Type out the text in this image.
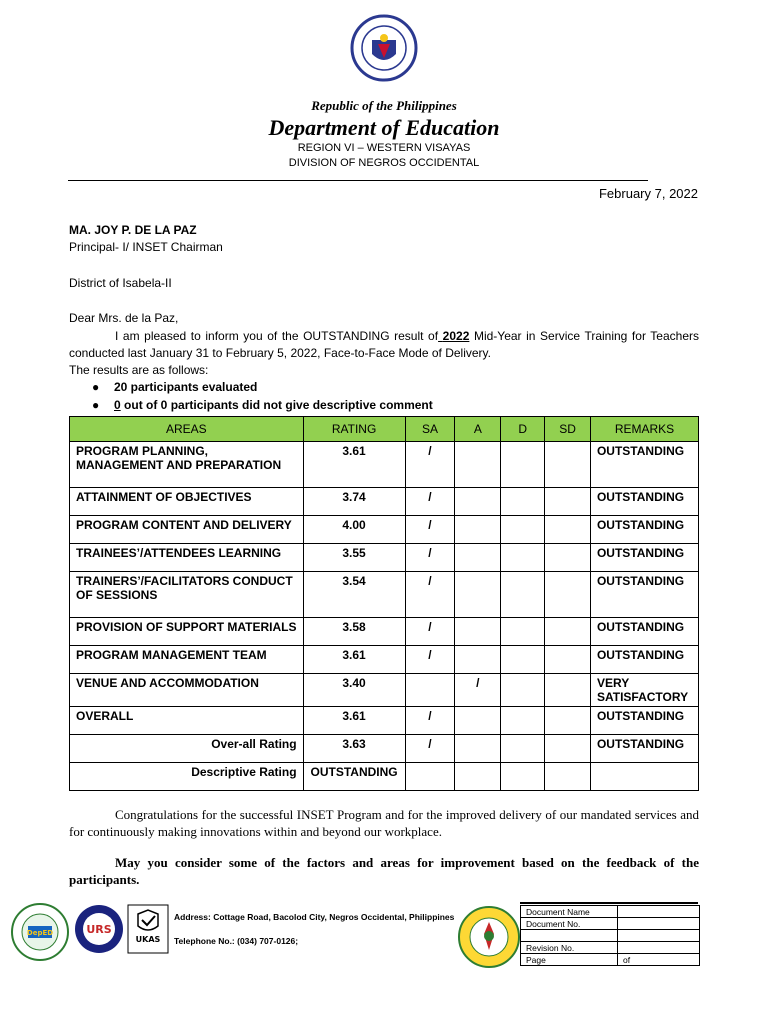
Republic of the Philippines
Department of Education
REGION VI – WESTERN VISAYAS
DIVISION OF NEGROS OCCIDENTAL
February 7, 2022
MA. JOY P. DE LA PAZ
Principal- I/ INSET Chairman
District of Isabela-II
Dear Mrs. de la Paz,
I am pleased to inform you of the OUTSTANDING result of 2022 Mid-Year in Service Training for Teachers conducted last January 31 to February 5, 2022, Face-to-Face Mode of Delivery.
The results are as follows:
● 20 participants evaluated
● 0 out of 0 participants did not give descriptive comment
AREAS	RATING	SA	A	D	SD	REMARKS
PROGRAM PLANNING, MANAGEMENT AND PREPARATION	3.61	/				OUTSTANDING
ATTAINMENT OF OBJECTIVES	3.74	/				OUTSTANDING
PROGRAM CONTENT AND DELIVERY	4.00	/				OUTSTANDING
TRAINEES’/ATTENDEES LEARNING	3.55	/				OUTSTANDING
TRAINERS’/FACILITATORS CONDUCT OF SESSIONS	3.54	/				OUTSTANDING
PROVISION OF SUPPORT MATERIALS	3.58	/				OUTSTANDING
PROGRAM MANAGEMENT TEAM	3.61	/				OUTSTANDING
VENUE AND ACCOMMODATION	3.40		/			VERY SATISFACTORY
OVERALL	3.61	/				OUTSTANDING
Over-all Rating	3.63	/				OUTSTANDING
Descriptive Rating	OUTSTANDING					
Congratulations for the successful INSET Program and for the improved delivery of our mandated services and for continuously making innovations within and beyond our workplace.
May you consider some of the factors and areas for improvement based on the feedback of the participants.
DepED	URS
UKAS
Address: Cottage Road, Bacolod City, Negros Occidental, Philippines
Telephone No.: (034) 707-0126;
Document Name	
Document No.	

Revision No.	
Page	of
